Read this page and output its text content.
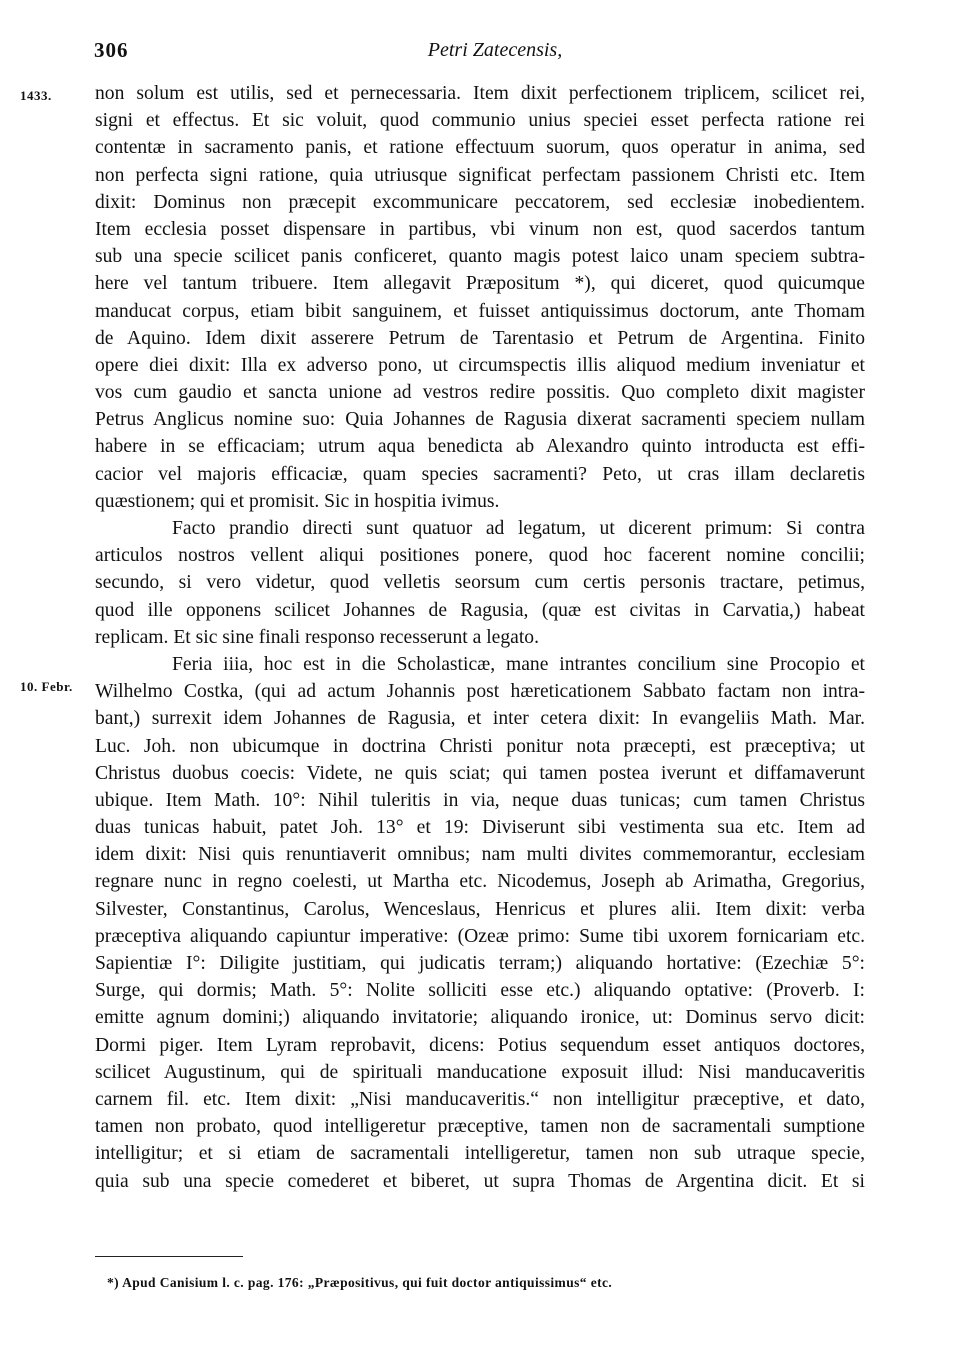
306	Petri Zatecensis,
1433.
10. Febr.
non solum est utilis, sed et pernecessaria. Item dixit perfectionem triplicem, scilicet rei,
signi et effectus. Et sic voluit, quod communio unius speciei esset perfecta ratione rei
contentæ in sacramento panis, et ratione effectuum suorum, quos operatur in anima, sed
non perfecta signi ratione, quia utriusque significat perfectam passionem Christi etc. Item
dixit: Dominus non præcepit excommunicare peccatorem, sed ecclesiæ inobedientem.
Item ecclesia posset dispensare in partibus, vbi vinum non est, quod sacerdos tantum
sub una specie scilicet panis conficeret, quanto magis potest laico unam speciem subtra-
here vel tantum tribuere. Item allegavit Præpositum *), qui diceret, quod quicumque
manducat corpus, etiam bibit sanguinem, et fuisset antiquissimus doctorum, ante Thomam
de Aquino. Idem dixit asserere Petrum de Tarentasio et Petrum de Argentina. Finito
opere diei dixit: Illa ex adverso pono, ut circumspectis illis aliquod medium inveniatur et
vos cum gaudio et sancta unione ad vestros redire possitis. Quo completo dixit magister
Petrus Anglicus nomine suo: Quia Johannes de Ragusia dixerat sacramenti speciem nullam
habere in se efficaciam; utrum aqua benedicta ab Alexandro quinto introducta est effi-
cacior vel majoris efficaciæ, quam species sacramenti? Peto, ut cras illam declaretis
quæstionem; qui et promisit. Sic in hospitia ivimus.
Facto prandio directi sunt quatuor ad legatum, ut dicerent primum: Si contra
articulos nostros vellent aliqui positiones ponere, quod hoc facerent nomine concilii;
secundo, si vero videtur, quod velletis seorsum cum certis personis tractare, petimus,
quod ille opponens scilicet Johannes de Ragusia, (quæ est civitas in Carvatia,) habeat
replicam. Et sic sine finali responso recesserunt a legato.
Feria iiia, hoc est in die Scholasticæ, mane intrantes concilium sine Procopio et
Wilhelmo Costka, (qui ad actum Johannis post hæreticationem Sabbato factam non intra-
bant,) surrexit idem Johannes de Ragusia, et inter cetera dixit: In evangeliis Math. Mar.
Luc. Joh. non ubicumque in doctrina Christi ponitur nota præcepti, est præceptiva; ut
Christus duobus coecis: Videte, ne quis sciat; qui tamen postea iverunt et diffamaverunt
ubique. Item Math. 10°: Nihil tuleritis in via, neque duas tunicas; cum tamen Christus
duas tunicas habuit, patet Joh. 13° et 19: Diviserunt sibi vestimenta sua etc. Item ad
idem dixit: Nisi quis renuntiaverit omnibus; nam multi divites commemorantur, ecclesiam
regnare nunc in regno coelesti, ut Martha etc. Nicodemus, Joseph ab Arimatha, Gregorius,
Silvester, Constantinus, Carolus, Wenceslaus, Henricus et plures alii. Item dixit: verba
præceptiva aliquando capiuntur imperative: (Ozeæ primo: Sume tibi uxorem fornicariam etc.
Sapientiæ I°: Diligite justitiam, qui judicatis terram;) aliquando hortative: (Ezechiæ 5°:
Surge, qui dormis; Math. 5°: Nolite solliciti esse etc.) aliquando optative: (Proverb. I:
emitte agnum domini;) aliquando invitatorie; aliquando ironice, ut: Dominus servo dicit:
Dormi piger. Item Lyram reprobavit, dicens: Potius sequendum esset antiquos doctores,
scilicet Augustinum, qui de spirituali manducatione exposuit illud: Nisi manducaveritis
carnem fil. etc. Item dixit: „Nisi manducaveritis.“ non intelligitur præceptive, et dato,
tamen non probato, quod intelligeretur præceptive, tamen non de sacramentali sumptione
intelligitur; et si etiam de sacramentali intelligeretur, tamen non sub utraque specie,
quia sub una specie comederet et biberet, ut supra Thomas de Argentina dicit. Et si
*) Apud Canisium l. c. pag. 176: „Præpositivus, qui fuit doctor antiquissimus“ etc.
